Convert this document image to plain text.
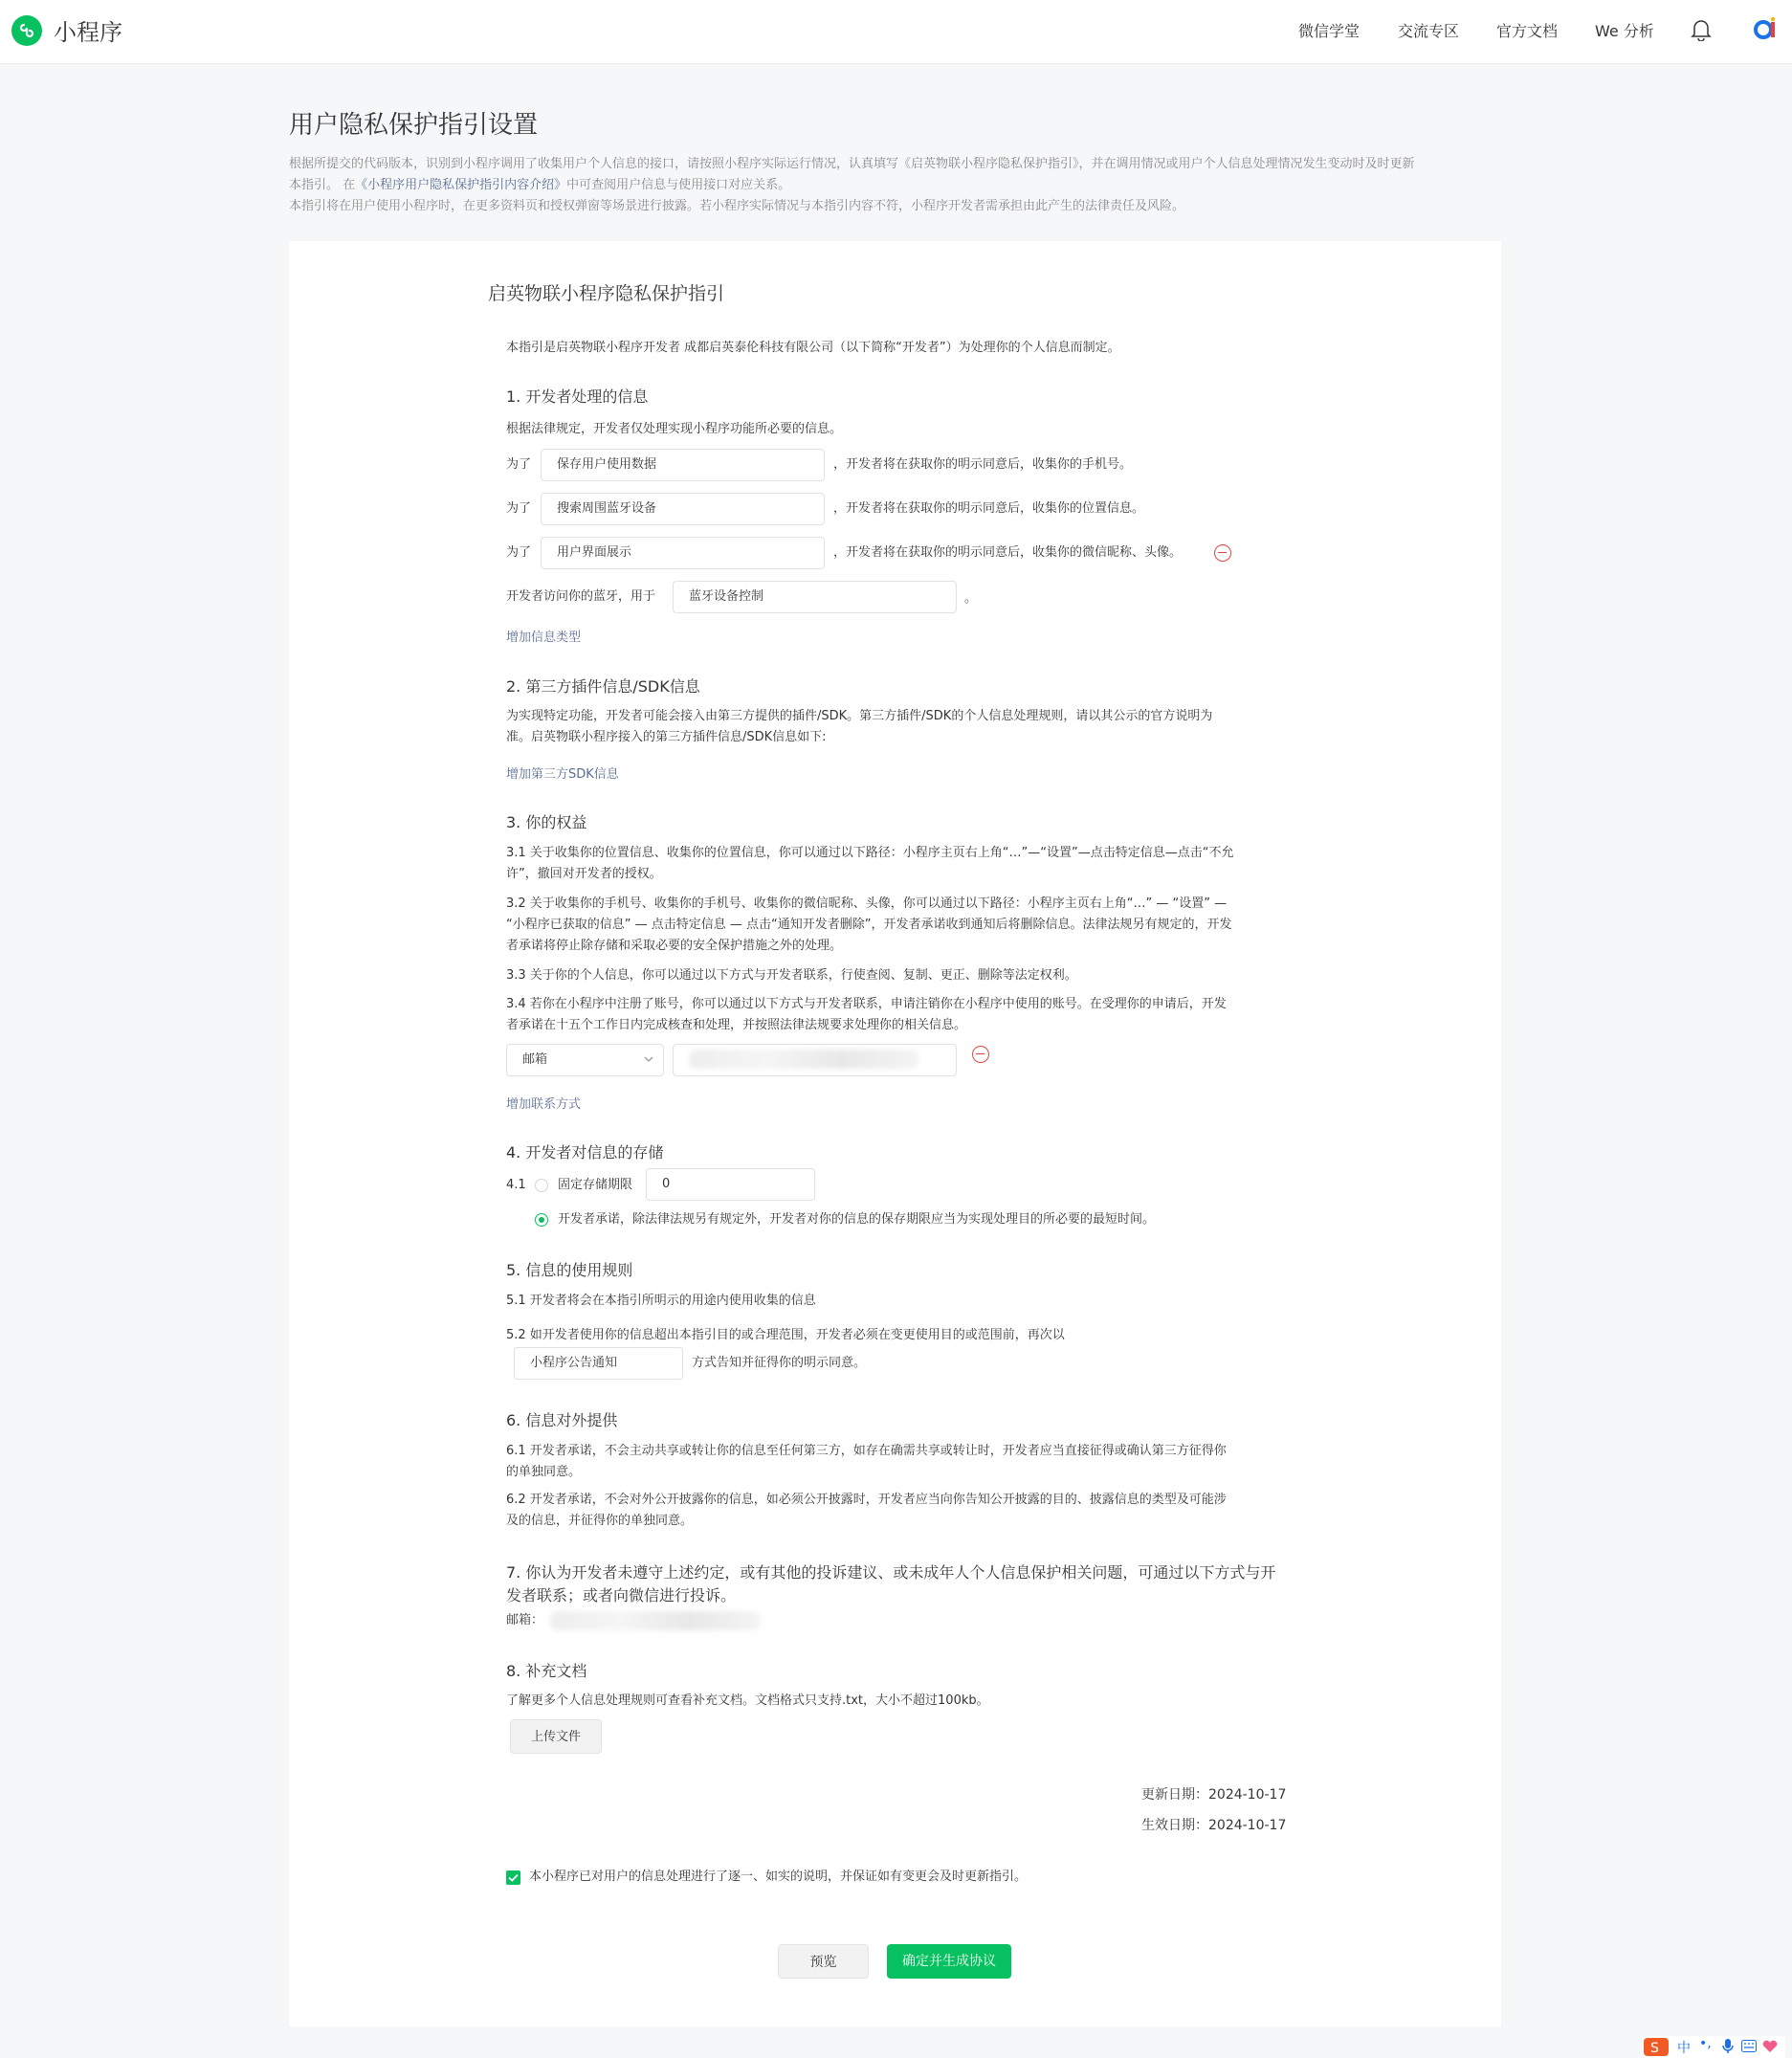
小程序	微信学堂 交流专区 官方文档 We 分析
用户隐私保护指引设置
根据所提交的代码版本，识别到小程序调用了收集用户个人信息的接口，请按照小程序实际运行情况，认真填写《启英物联小程序隐私保护指引》，并在调用情况或用户个人信息处理情况发生变动时及时更新
本指引。 在《小程序用户隐私保护指引内容介绍》中可查阅用户信息与使用接口对应关系。
本指引将在用户使用小程序时，在更多资料页和授权弹窗等场景进行披露。若小程序实际情况与本指引内容不符，小程序开发者需承担由此产生的法律责任及风险。
启英物联小程序隐私保护指引
本指引是启英物联小程序开发者 成都启英泰伦科技有限公司（以下简称“开发者”）为处理你的个人信息而制定。
1. 开发者处理的信息
根据法律规定，开发者仅处理实现小程序功能所必要的信息。
为了	保存用户使用数据	，开发者将在获取你的明示同意后，收集你的手机号。
为了	搜索周围蓝牙设备	，开发者将在获取你的明示同意后，收集你的位置信息。
为了	用户界面展示	，开发者将在获取你的明示同意后，收集你的微信昵称、头像。
开发者访问你的蓝牙，用于	蓝牙设备控制	。
增加信息类型
2. 第三方插件信息/SDK信息
为实现特定功能，开发者可能会接入由第三方提供的插件/SDK。第三方插件/SDK的个人信息处理规则，请以其公示的官方说明为
准。启英物联小程序接入的第三方插件信息/SDK信息如下:
增加第三方SDK信息
3. 你的权益
3.1 关于收集你的位置信息、收集你的位置信息，你可以通过以下路径：小程序主页右上角“…”—“设置”—点击特定信息—点击“不允
许”，撤回对开发者的授权。
3.2 关于收集你的手机号、收集你的手机号、收集你的微信昵称、头像，你可以通过以下路径：小程序主页右上角“…” — “设置” —
“小程序已获取的信息” — 点击特定信息 — 点击“通知开发者删除”，开发者承诺收到通知后将删除信息。法律法规另有规定的，开发
者承诺将停止除存储和采取必要的安全保护措施之外的处理。
3.3 关于你的个人信息，你可以通过以下方式与开发者联系，行使查阅、复制、更正、删除等法定权利。
3.4 若你在小程序中注册了账号，你可以通过以下方式与开发者联系，申请注销你在小程序中使用的账号。在受理你的申请后，开发
者承诺在十五个工作日内完成核查和处理，并按照法律法规要求处理你的相关信息。
邮箱
增加联系方式
4. 开发者对信息的存储
4.1	固定存储期限	0
开发者承诺，除法律法规另有规定外，开发者对你的信息的保存期限应当为实现处理目的所必要的最短时间。
5. 信息的使用规则
5.1 开发者将会在本指引所明示的用途内使用收集的信息
5.2 如开发者使用你的信息超出本指引目的或合理范围，开发者必须在变更使用目的或范围前，再次以
小程序公告通知	方式告知并征得你的明示同意。
6. 信息对外提供
6.1 开发者承诺，不会主动共享或转让你的信息至任何第三方，如存在确需共享或转让时，开发者应当直接征得或确认第三方征得你
的单独同意。
6.2 开发者承诺，不会对外公开披露你的信息，如必须公开披露时，开发者应当向你告知公开披露的目的、披露信息的类型及可能涉
及的信息，并征得你的单独同意。
7. 你认为开发者未遵守上述约定，或有其他的投诉建议、或未成年人个人信息保护相关问题，可通过以下方式与开
发者联系；或者向微信进行投诉。
邮箱：
8. 补充文档
了解更多个人信息处理规则可查看补充文档。文档格式只支持.txt，大小不超过100kb。
上传文件
更新日期：2024-10-17
生效日期：2024-10-17
本小程序已对用户的信息处理进行了逐一、如实的说明，并保证如有变更会及时更新指引。
预览	确定并生成协议
S 中 •,
